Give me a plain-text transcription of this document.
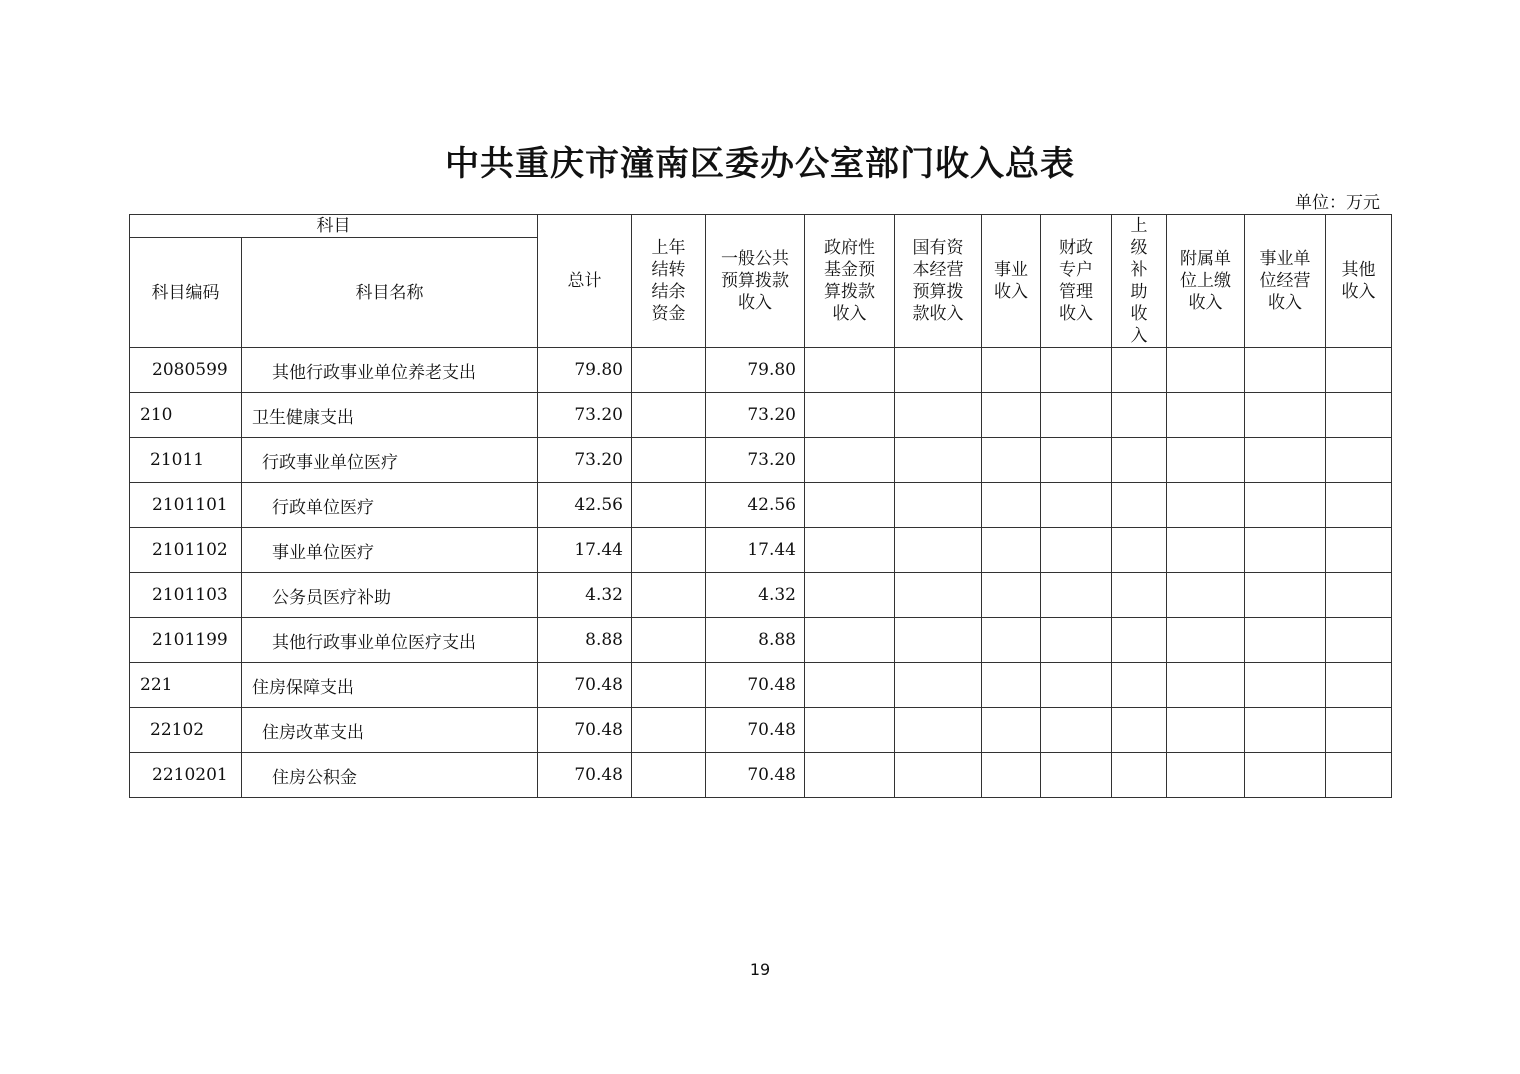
中共重庆市潼南区委办公室部门收入总表
单位：万元
科目		总计	上年结转结余资金	一般公共预算拨款收入	政府性基金预算拨款收入	国有资本经营预算拨款收入	事业收入	财政专户管理收入	上级补助收入	附属单位上缴收入	事业单位经营收入	其他收入

科目编码	科目名称											
2080599	其他行政事业单位养老支出	79.80		79.80								
210	卫生健康支出	73.20		73.20								
21011	行政事业单位医疗	73.20		73.20								
2101101	行政单位医疗	42.56		42.56								
2101102	事业单位医疗	17.44		17.44								
2101103	公务员医疗补助	4.32		4.32								
2101199	其他行政事业单位医疗支出	8.88		8.88								
221	住房保障支出	70.48		70.48								
22102	住房改革支出	70.48		70.48								
2210201	住房公积金	70.48		70.48								
19
